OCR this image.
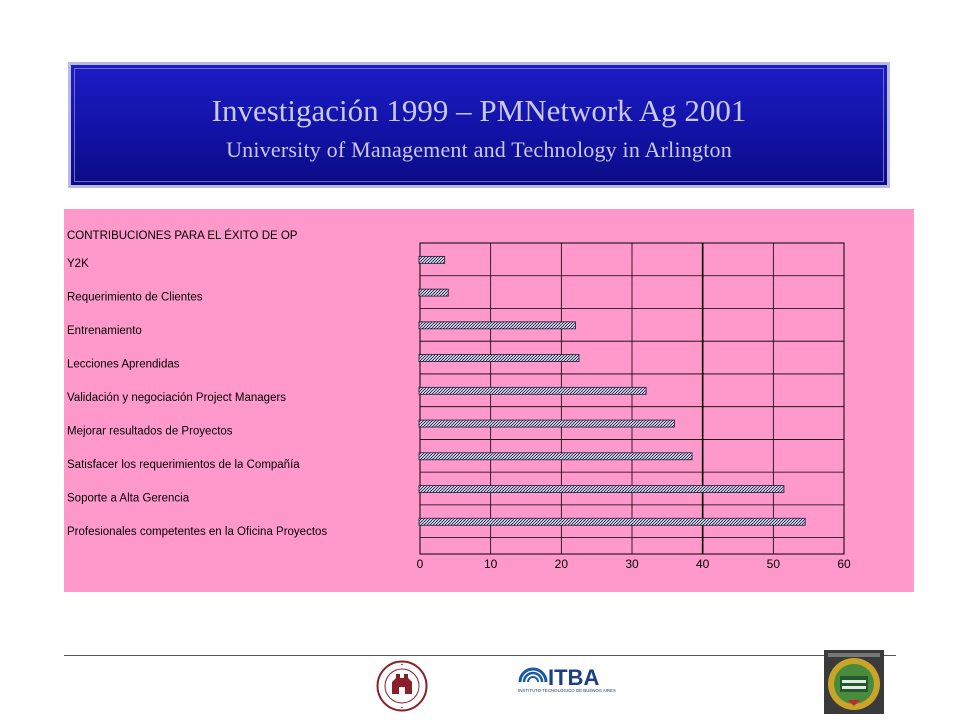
Investigación 1999 – PMNetwork Ag 2001
University of Management and Technology in Arlington
CONTRIBUCIONES PARA EL ÉXITO DE OP
Y2K
Requerimiento de Clientes
Entrenamiento
Lecciones Aprendidas
Validación y negociación Project Managers
Mejorar resultados de Proyectos
Satisfacer los requerimientos de la Compañía
Soporte a Alta Gerencia
Profesionales competentes en la Oficina Proyectos
0	10	20	30	40	50	60
ITBA
INSTITUTO TECNOLÓGICO DE BUENOS AIRES
